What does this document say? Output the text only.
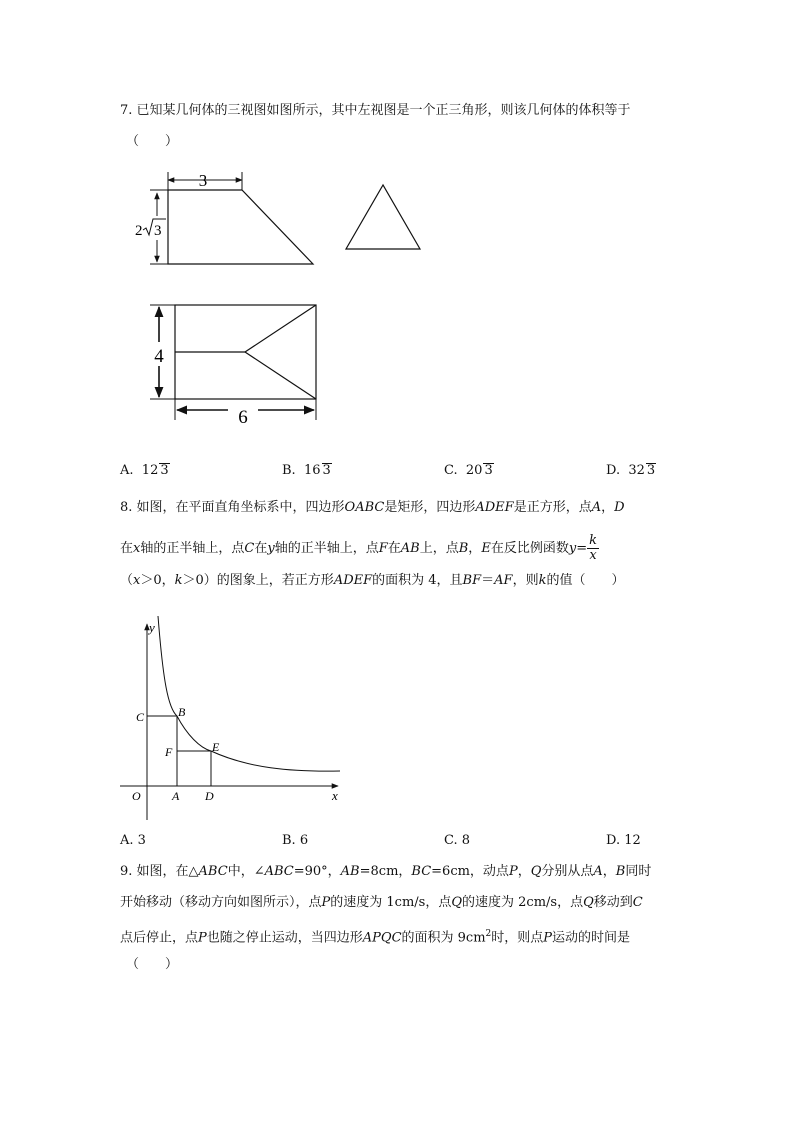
7. 已知某几何体的三视图如图所示，其中左视图是一个正三角形，则该几何体的体积等于
（　　）
3
2 3
4
6
A. 12 3	B. 16 3	C. 20 3	D. 32 3
8. 如图，在平面直角坐标系中，四边形OABC是矩形，四边形ADEF是正方形，点A，D
在x轴的正半轴上，点C在y轴的正半轴上，点F在AB上，点B，E在反比例函数$y= \frac{k}{x}$
（x＞0，k＞0）的图象上，若正方形ADEF的面积为 4，且BF＝AF，则k的值（　　）
y
x
O	A D
C	B
F	E
A. 3	B. 6	C. 8	D. 12
9. 如图，在△ABC中，∠ABC=90°，AB=8cm，BC=6cm，动点P，Q分别从点A，B同时
开始移动（移动方向如图所示），点P的速度为 1cm/s，点Q的速度为 2cm/s，点Q移动到C
点后停止，点P也随之停止运动，当四边形APQC的面积为 $9cm^2$时，则点P运动的时间是
（　　）
